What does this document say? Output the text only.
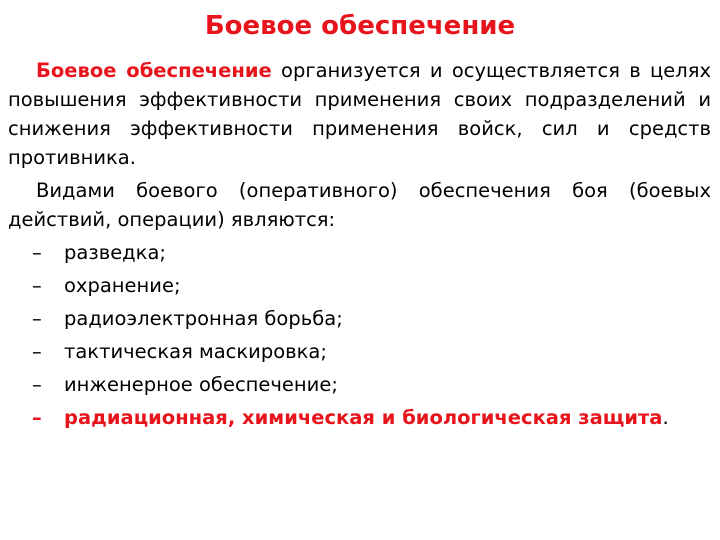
Боевое обеспечение

Боевое обеспечение организуется и осуществляется в целях повышения эффективности применения своих подразделений и снижения эффективности применения войск, сил и средств противника.

Видами боевого (оперативного) обеспечения боя (боевых действий, операции) являются:

– разведка;
– охранение;
– радиоэлектронная борьба;
– тактическая маскировка;
– инженерное обеспечение;
– радиационная, химическая и биологическая защита.
